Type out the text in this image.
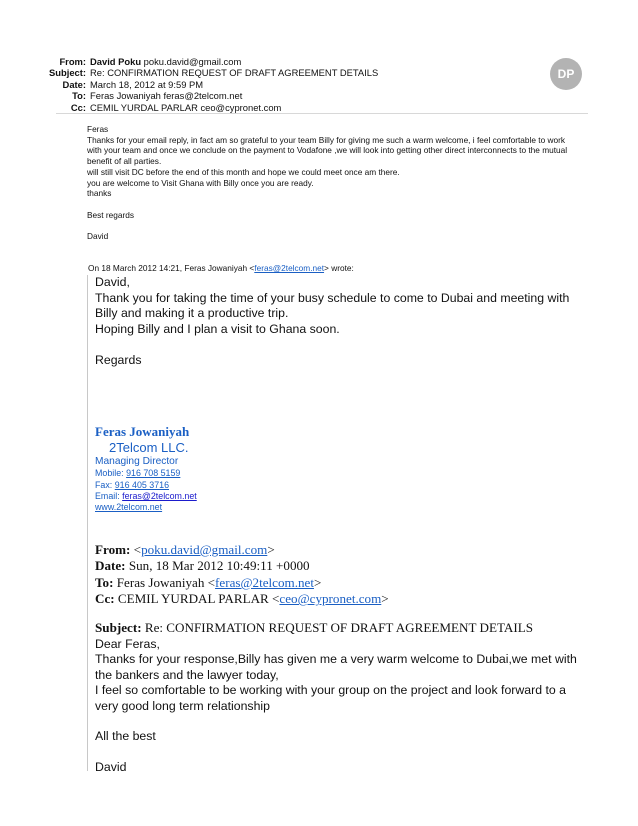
From: David Poku poku.david@gmail.com
Subject: Re: CONFIRMATION REQUEST OF DRAFT AGREEMENT DETAILS
Date: March 18, 2012 at 9:59 PM
To: Feras Jowaniyah feras@2telcom.net
Cc: CEMIL YURDAL PARLAR ceo@cypronet.com
DP

Feras

Thanks for your email reply, in fact am so grateful to your team Billy for giving me such a warm welcome, i feel comfortable to work with your team and once we conclude on the payment to Vodafone ,we will look into getting other direct interconnects to the mutual benefit of all parties.

will still visit DC before the end of this month and hope we could meet once am there.

you are welcome to Visit Ghana with Billy once you are ready.

thanks

Best regards

David

On 18 March 2012 14:21, Feras Jowaniyah <feras@2telcom.net> wrote:

David,

Thank you for taking the time of your busy schedule to come to Dubai and meeting with Billy and making it a productive trip.

Hoping Billy and I plan a visit to Ghana soon.

Regards

Feras Jowaniyah
2Telcom LLC.
Managing Director
Mobile: 916 708 5159
Fax: 916 405 3716
Email: feras@2telcom.net
www.2telcom.net
From: <poku.david@gmail.com>
Date: Sun, 18 Mar 2012 10:49:11 +0000
To: Feras Jowaniyah <feras@2telcom.net>
Cc: CEMIL YURDAL PARLAR <ceo@cypronet.com>
Subject: Re: CONFIRMATION REQUEST OF DRAFT AGREEMENT DETAILS

Dear Feras,

Thanks for your response,Billy has given me a very warm welcome to Dubai,we met with the bankers and the lawyer today,

I feel so comfortable to be working with your group on the project and look forward to a very good long term relationship

All the best

David
